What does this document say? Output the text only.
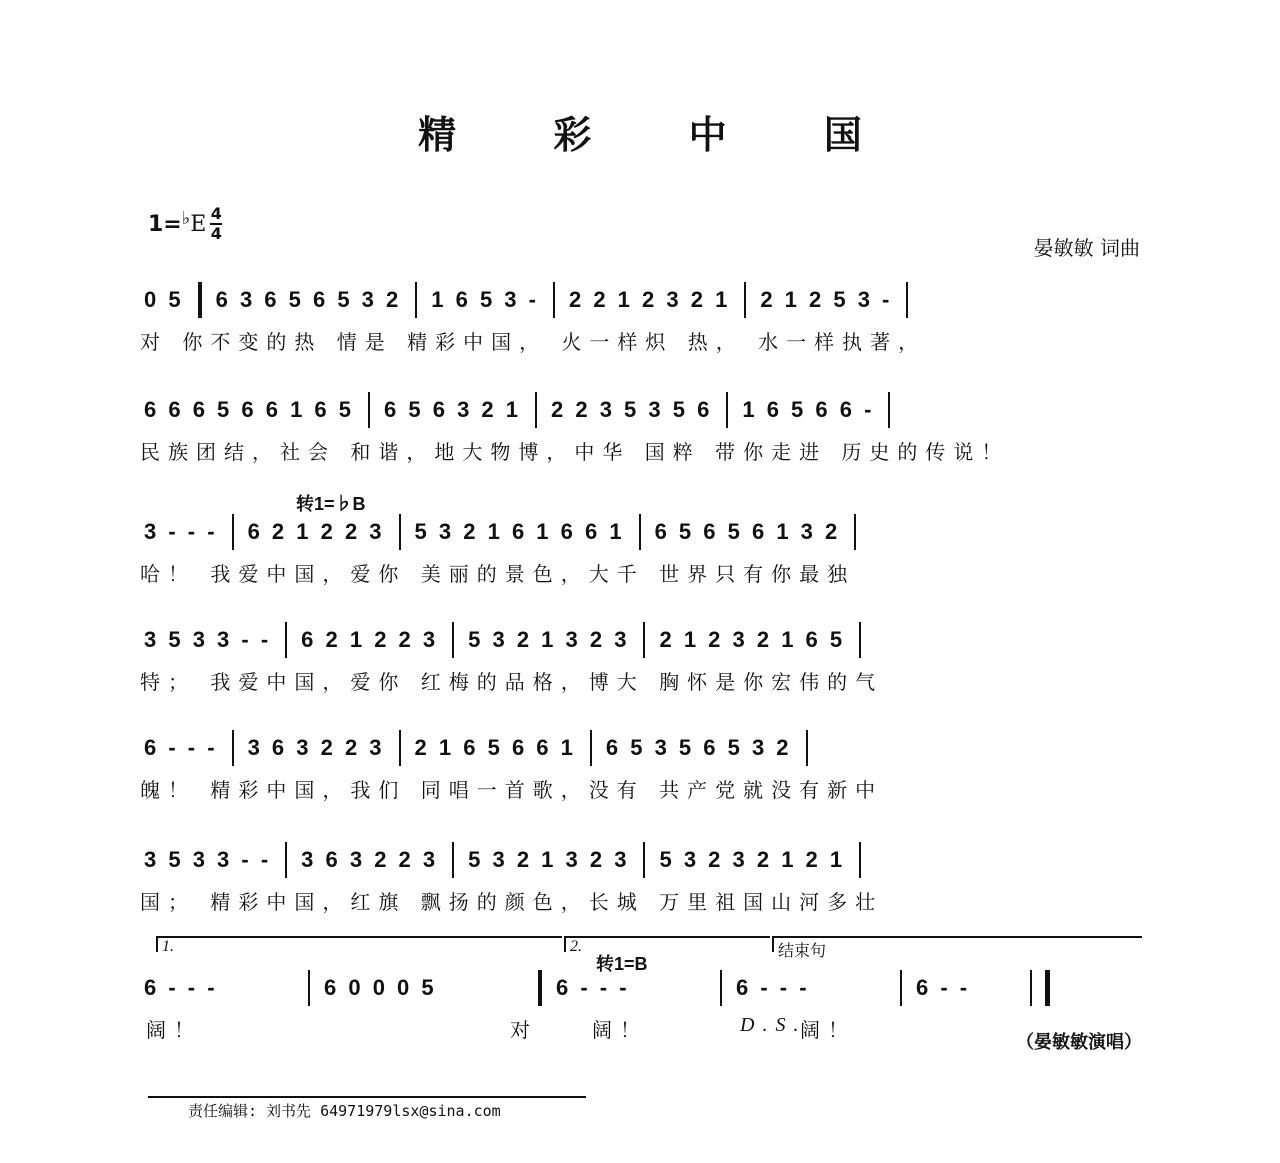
精 彩 中 国
1= ♭ E 4
4
晏敏敏 词曲
0 5 6 3 6 5 6 5 3 2 1 6 5 3 - 2 2 1 2 3 2 1 2 1 2 5 3 -
对 你不变的热 情是 精彩中国， 火一样炽 热， 水一样执著，
6 6 6 5 6 6 1 6 5 6 5 6 3 2 1 2 2 3 5 3 5 6 1 6 5 6 6 -
民族团结，社会 和谐，地大物博，中华 国粹 带你走进 历史的传说！
转1=♭B
3 - - - 6 2 1 2 2 3 5 3 2 1 6 1 6 6 1 6 5 6 5 6 1 3 2
哈！ 我爱中国，爱你 美丽的景色，大千 世界只有你最独
3 5 3 3 - - 6 2 1 2 2 3 5 3 2 1 3 2 3 2 1 2 3 2 1 6 5
特； 我爱中国，爱你 红梅的品格，博大 胸怀是你宏伟的气
6 - - - 3 6 3 2 2 3 2 1 6 5 6 6 1 6 5 3 5 6 5 3 2
魄！ 精彩中国，我们 同唱一首歌，没有 共产党就没有新中
3 5 3 3 - - 3 6 3 2 2 3 5 3 2 1 3 2 3 5 3 2 3 2 1 2 1
国； 精彩中国，红旗 飘扬的颜色，长城 万里祖国山河多壮
1.	2.	结束句
转1=B
6 - - -	6 0 0 0 5	6 - - -	6 - - -	6 - -
阔！	对	阔！	D.S.
阔！
（晏敏敏演唱）
责任编辑: 刘书先 64971979lsx@sina.com
